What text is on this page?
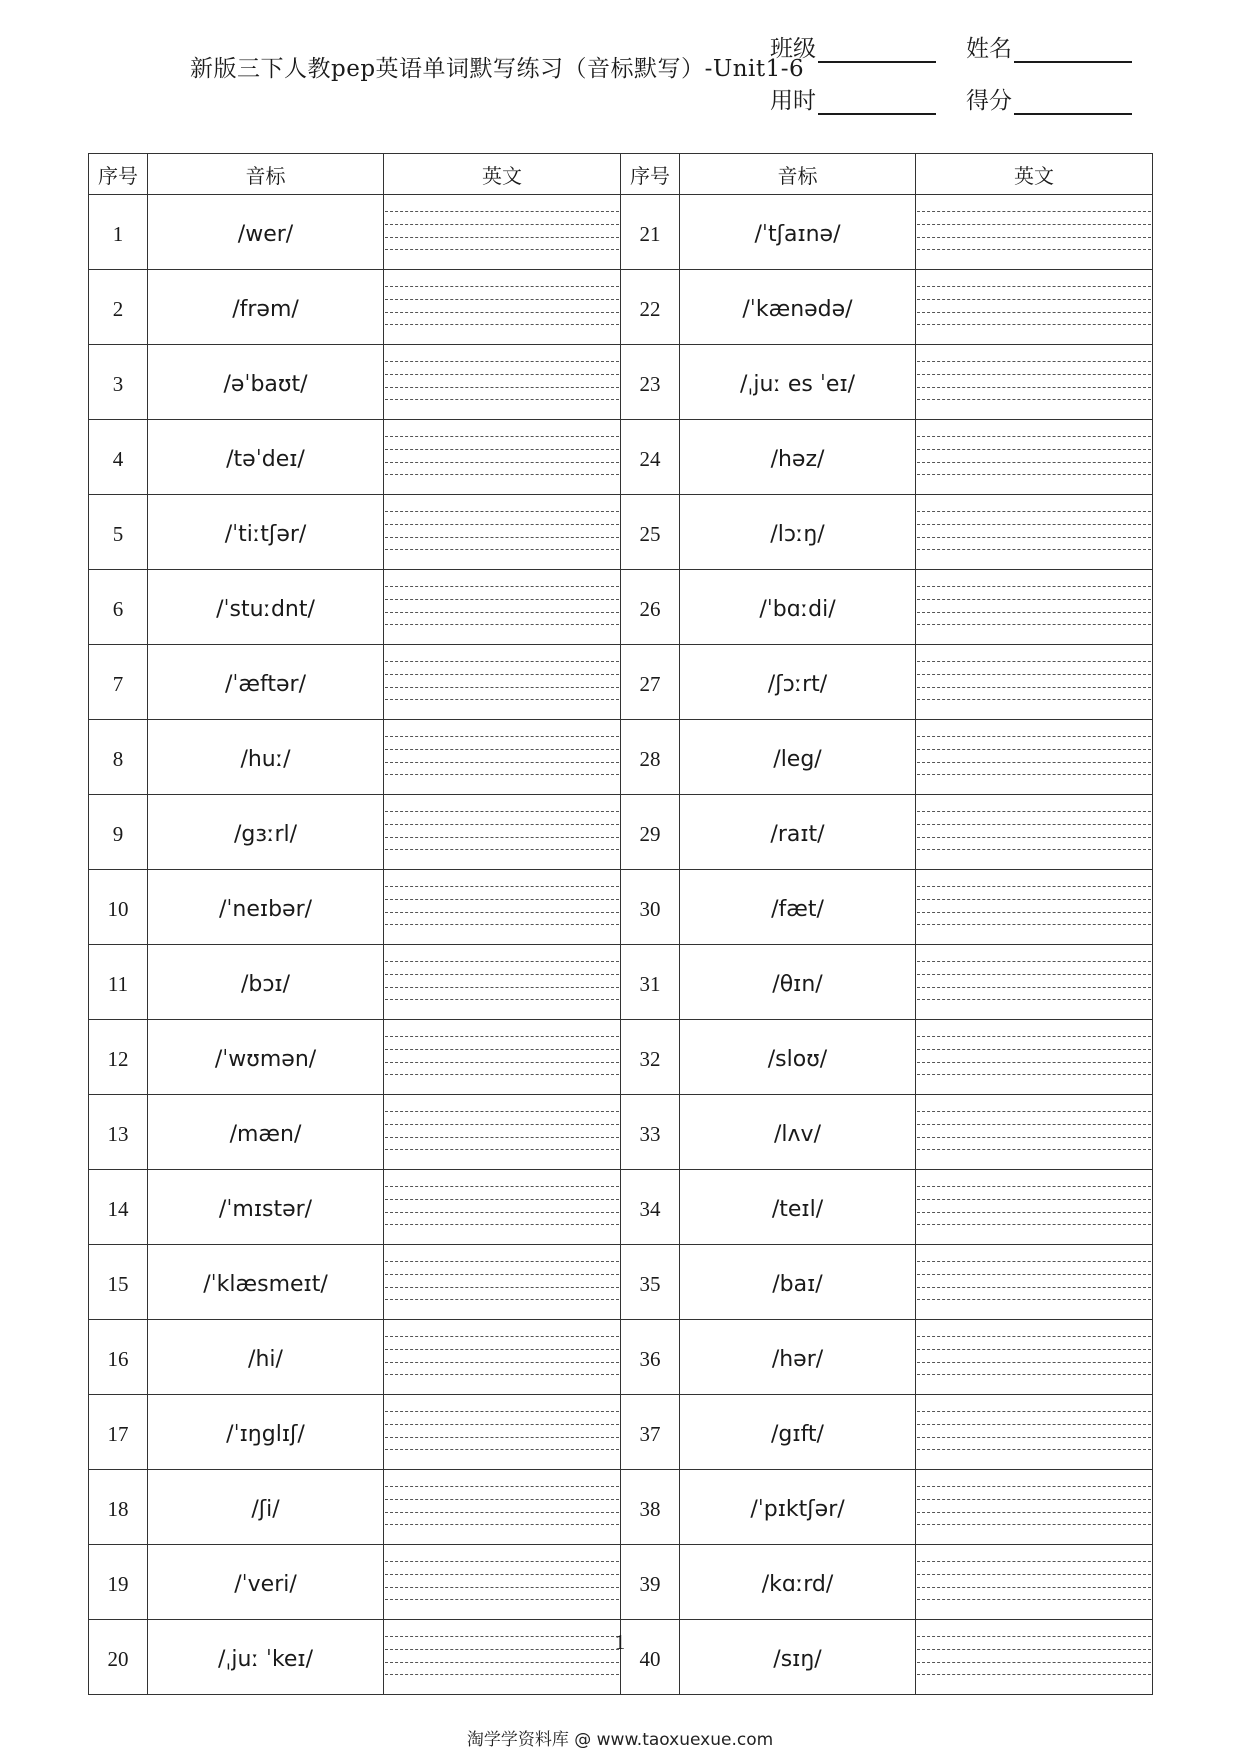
新版三下人教pep英语单词默写练习（音标默写）-Unit1-6
班级	姓名
用时	得分
序号	音标	英文	序号	音标	英文
1	/wer/		21	/ˈtʃaɪnə/	

2	/frəm/		22	/ˈkænədə/	

3	/əˈbaʊt/		23	/ˌjuː es ˈeɪ/	

4	/təˈdeɪ/		24	/həz/	

5	/ˈtiːtʃər/		25	/lɔːŋ/	

6	/ˈstuːdnt/		26	/ˈbɑːdi/	

7	/ˈæftər/		27	/ʃɔːrt/	

8	/huː/		28	/leg/	

9	/gɜːrl/		29	/raɪt/	

10	/ˈneɪbər/		30	/fæt/	

11	/bɔɪ/		31	/θɪn/	

12	/ˈwʊmən/		32	/sloʊ/	

13	/mæn/		33	/lʌv/	

14	/ˈmɪstər/		34	/teɪl/	

15	/ˈklæsmeɪt/		35	/baɪ/	

16	/hi/		36	/hər/	

17	/ˈɪŋglɪʃ/		37	/gɪft/	

18	/ʃi/		38	/ˈpɪktʃər/	

19	/ˈveri/		39	/kɑːrd/	

20	/ˌjuː ˈkeɪ/		40	/sɪŋ/	
1
淘学学资料库 @ www.taoxuexue.com
